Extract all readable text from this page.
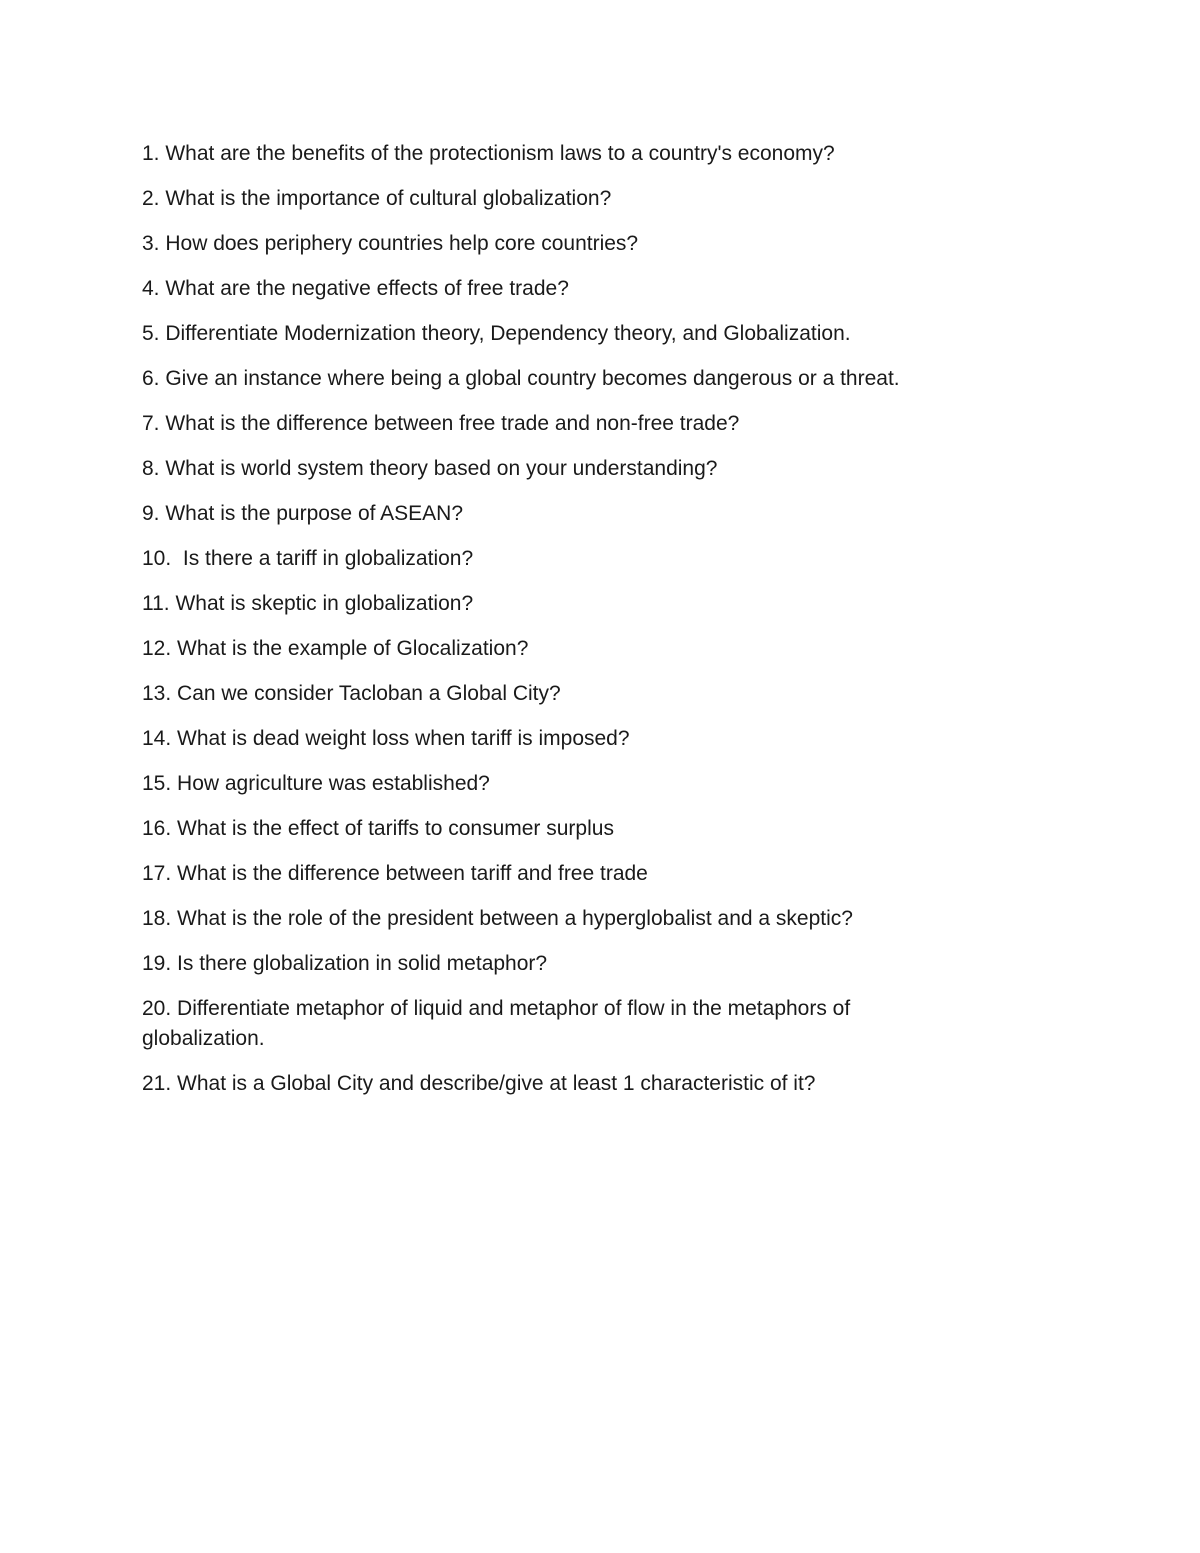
1. What are the benefits of the protectionism laws to a country's economy?
2. What is the importance of cultural globalization?
3. How does periphery countries help core countries?
4. What are the negative effects of free trade?
5. Differentiate Modernization theory, Dependency theory, and Globalization.
6. Give an instance where being a global country becomes dangerous or a threat.
7. What is the difference between free trade and non-free trade?
8. What is world system theory based on your understanding?
9. What is the purpose of ASEAN?
10.  Is there a tariff in globalization?
11. What is skeptic in globalization?
12. What is the example of Glocalization?
13. Can we consider Tacloban a Global City?
14. What is dead weight loss when tariff is imposed?
15. How agriculture was established?
16. What is the effect of tariffs to consumer surplus
17. What is the difference between tariff and free trade
18. What is the role of the president between a hyperglobalist and a skeptic?
19. Is there globalization in solid metaphor?
20. Differentiate metaphor of liquid and metaphor of flow in the metaphors of globalization.
21. What is a Global City and describe/give at least 1 characteristic of it?
